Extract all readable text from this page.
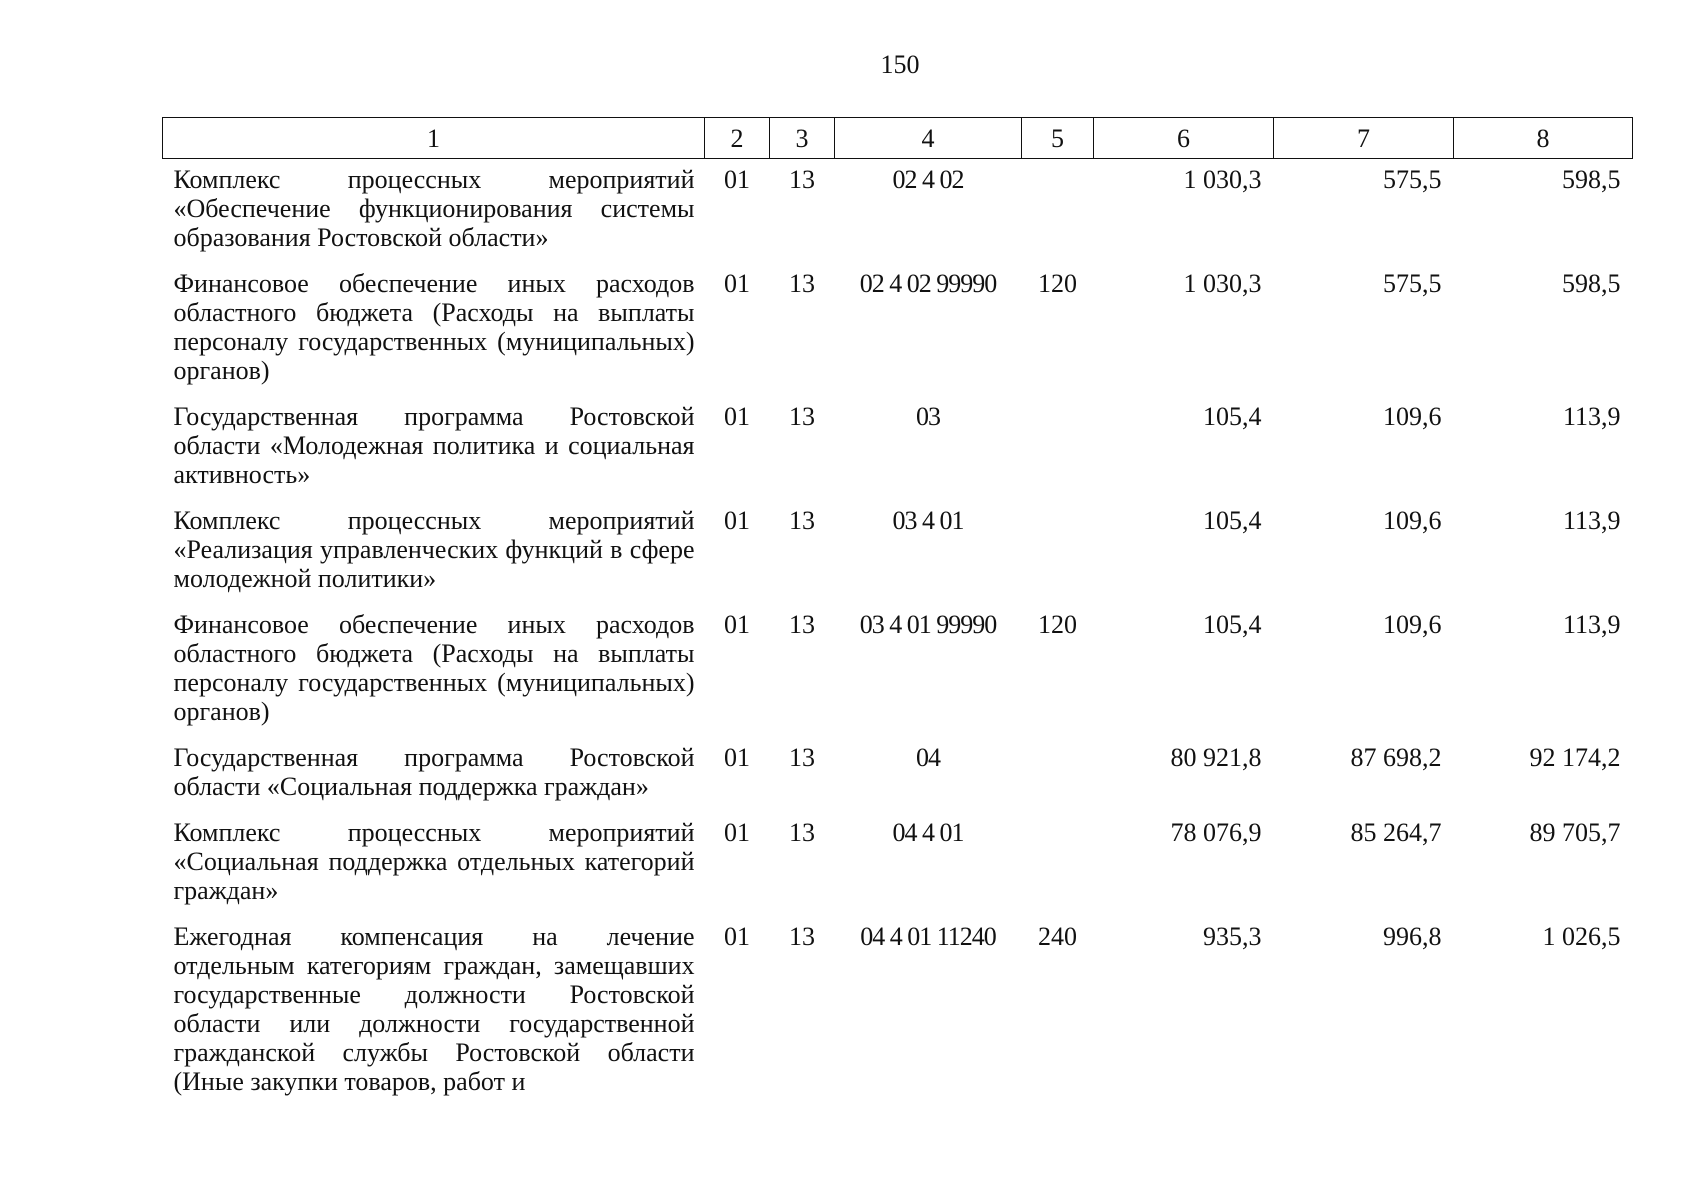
150
1	2	3	4	5	6	7	8
Комплекс процессных мероприятий «Обеспечение функционирования системы образования Ростовской области»	01	13	02 4 02		1 030,3	575,5	598,5
Финансовое обеспечение иных расходов областного бюджета (Расходы на выплаты персоналу государственных (муниципальных) органов)	01	13	02 4 02 99990	120	1 030,3	575,5	598,5
Государственная программа Ростовской области «Молодежная политика и социальная активность»	01	13	03		105,4	109,6	113,9
Комплекс процессных мероприятий «Реализация управленческих функций в сфере молодежной политики»	01	13	03 4 01		105,4	109,6	113,9
Финансовое обеспечение иных расходов областного бюджета (Расходы на выплаты персоналу государственных (муниципальных) органов)	01	13	03 4 01 99990	120	105,4	109,6	113,9
Государственная программа Ростовской области «Социальная поддержка граждан»	01	13	04		80 921,8	87 698,2	92 174,2
Комплекс процессных мероприятий «Социальная поддержка отдельных категорий граждан»	01	13	04 4 01		78 076,9	85 264,7	89 705,7
Ежегодная компенсация на лечение отдельным категориям граждан, замещавших государственные должности Ростовской области или должности государственной гражданской службы Ростовской области (Иные закупки товаров, работ и	01	13	04 4 01 11240	240	935,3	996,8	1 026,5
